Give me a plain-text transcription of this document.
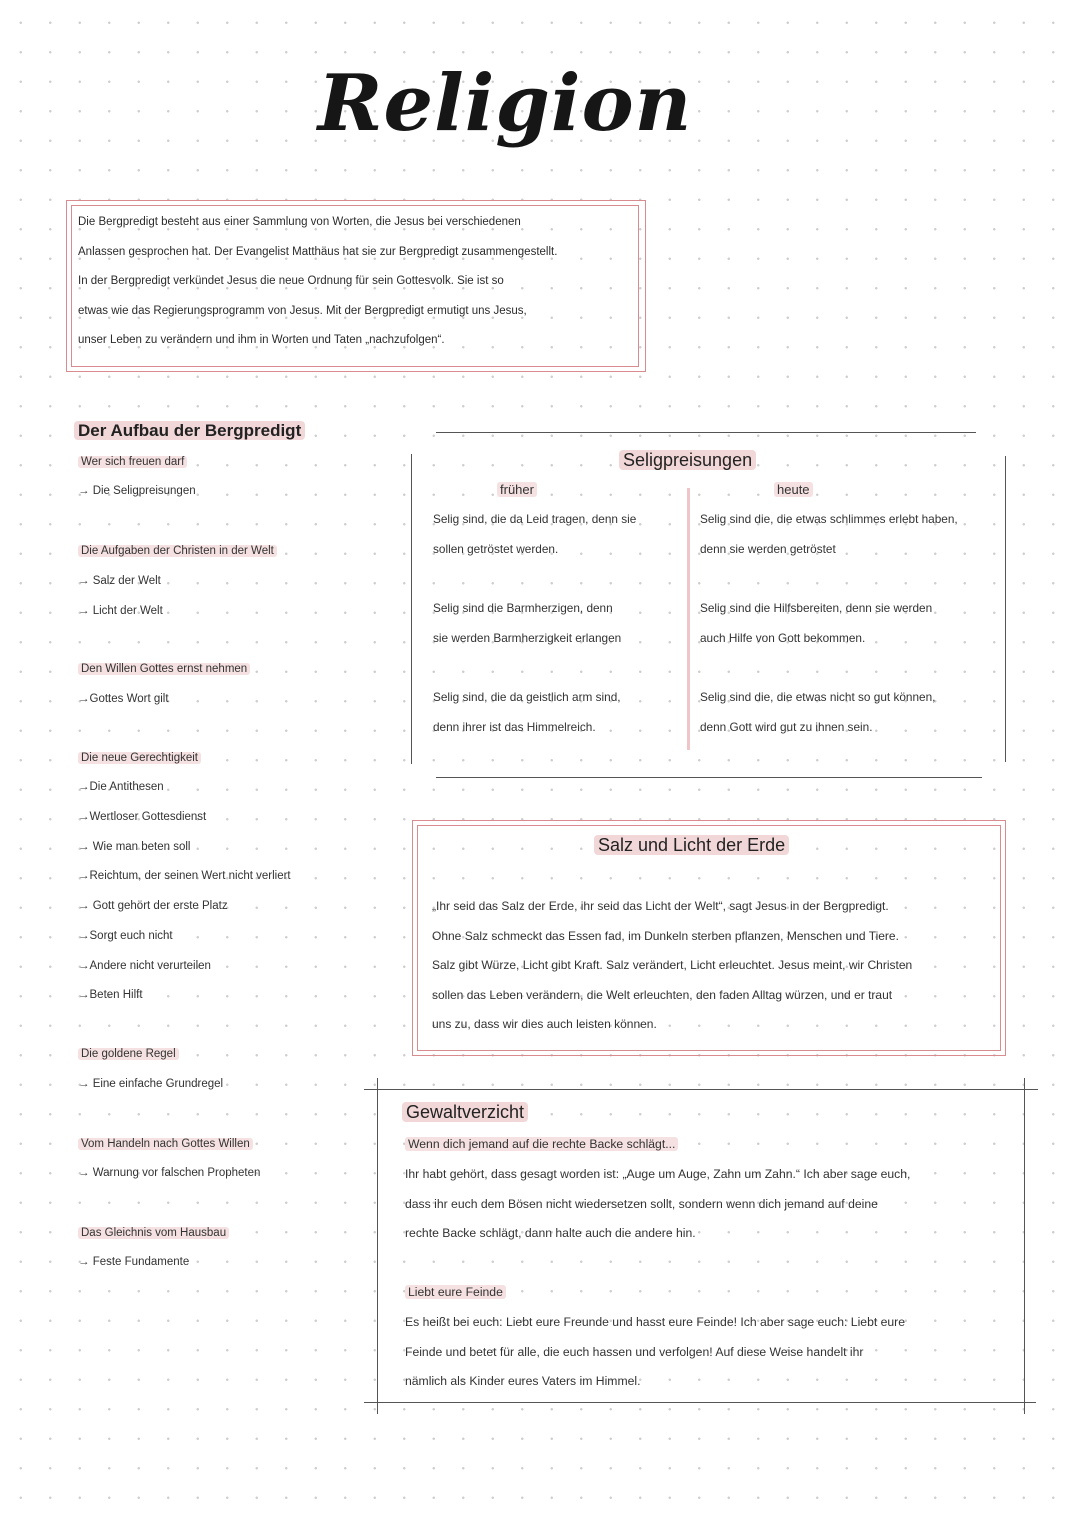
Religion
Die Bergpredigt besteht aus einer Sammlung von Worten, die Jesus bei verschiedenen
Anlassen gesprochen hat. Der Evangelist Matthäus hat sie zur Bergpredigt zusammengestellt.
In der Bergpredigt verkündet Jesus die neue Ordnung für sein Gottesvolk. Sie ist so
etwas wie das Regierungsprogramm von Jesus. Mit der Bergpredigt ermutigt uns Jesus,
unser Leben zu verändern und ihm in Worten und Taten „nachzufolgen“.
Der Aufbau der Bergpredigt
Wer sich freuen darf
→ Die Seligpreisungen
Die Aufgaben der Christen in der Welt
→ Salz der Welt
→ Licht der Welt
Den Willen Gottes ernst nehmen
→Gottes Wort gilt
Die neue Gerechtigkeit
→Die Antithesen
→Wertloser Gottesdienst
→ Wie man beten soll
→Reichtum, der seinen Wert nicht verliert
→ Gott gehört der erste Platz
→Sorgt euch nicht
→Andere nicht verurteilen
→Beten Hilft
Die goldene Regel
→ Eine einfache Grundregel
Vom Handeln nach Gottes Willen
→ Warnung vor falschen Propheten
Das Gleichnis vom Hausbau
→ Feste Fundamente
Seligpreisungen
früher	heute
Selig sind, die da Leid tragen, denn sie
sollen getröstet werden.
Selig sind die, die etwas schlimmes erlebt haben,
denn sie werden getröstet
Selig sind die Barmherzigen, denn
sie werden Barmherzigkeit erlangen
Selig sind die Hilfsbereiten, denn sie werden
auch Hilfe von Gott bekommen.
Selig sind, die da geistlich arm sind,
denn ihrer ist das Himmelreich.
Selig sind die, die etwas nicht so gut können,
denn Gott wird gut zu ihnen sein.
Salz und Licht der Erde
„Ihr seid das Salz der Erde, ihr seid das Licht der Welt“, sagt Jesus in der Bergpredigt.
Ohne Salz schmeckt das Essen fad, im Dunkeln sterben pflanzen, Menschen und Tiere.
Salz gibt Würze, Licht gibt Kraft. Salz verändert, Licht erleuchtet. Jesus meint, wir Christen
sollen das Leben verändern, die Welt erleuchten, den faden Alltag würzen, und er traut
uns zu, dass wir dies auch leisten können.
Gewaltverzicht
Wenn dich jemand auf die rechte Backe schlägt...
Ihr habt gehört, dass gesagt worden ist: „Auge um Auge, Zahn um Zahn.“ Ich aber sage euch,
dass ihr euch dem Bösen nicht wiedersetzen sollt, sondern wenn dich jemand auf deine
rechte Backe schlägt, dann halte auch die andere hin.
Liebt eure Feinde
Es heißt bei euch: Liebt eure Freunde und hasst eure Feinde! Ich aber sage euch: Liebt eure
Feinde und betet für alle, die euch hassen und verfolgen! Auf diese Weise handelt ihr
nämlich als Kinder eures Vaters im Himmel.
